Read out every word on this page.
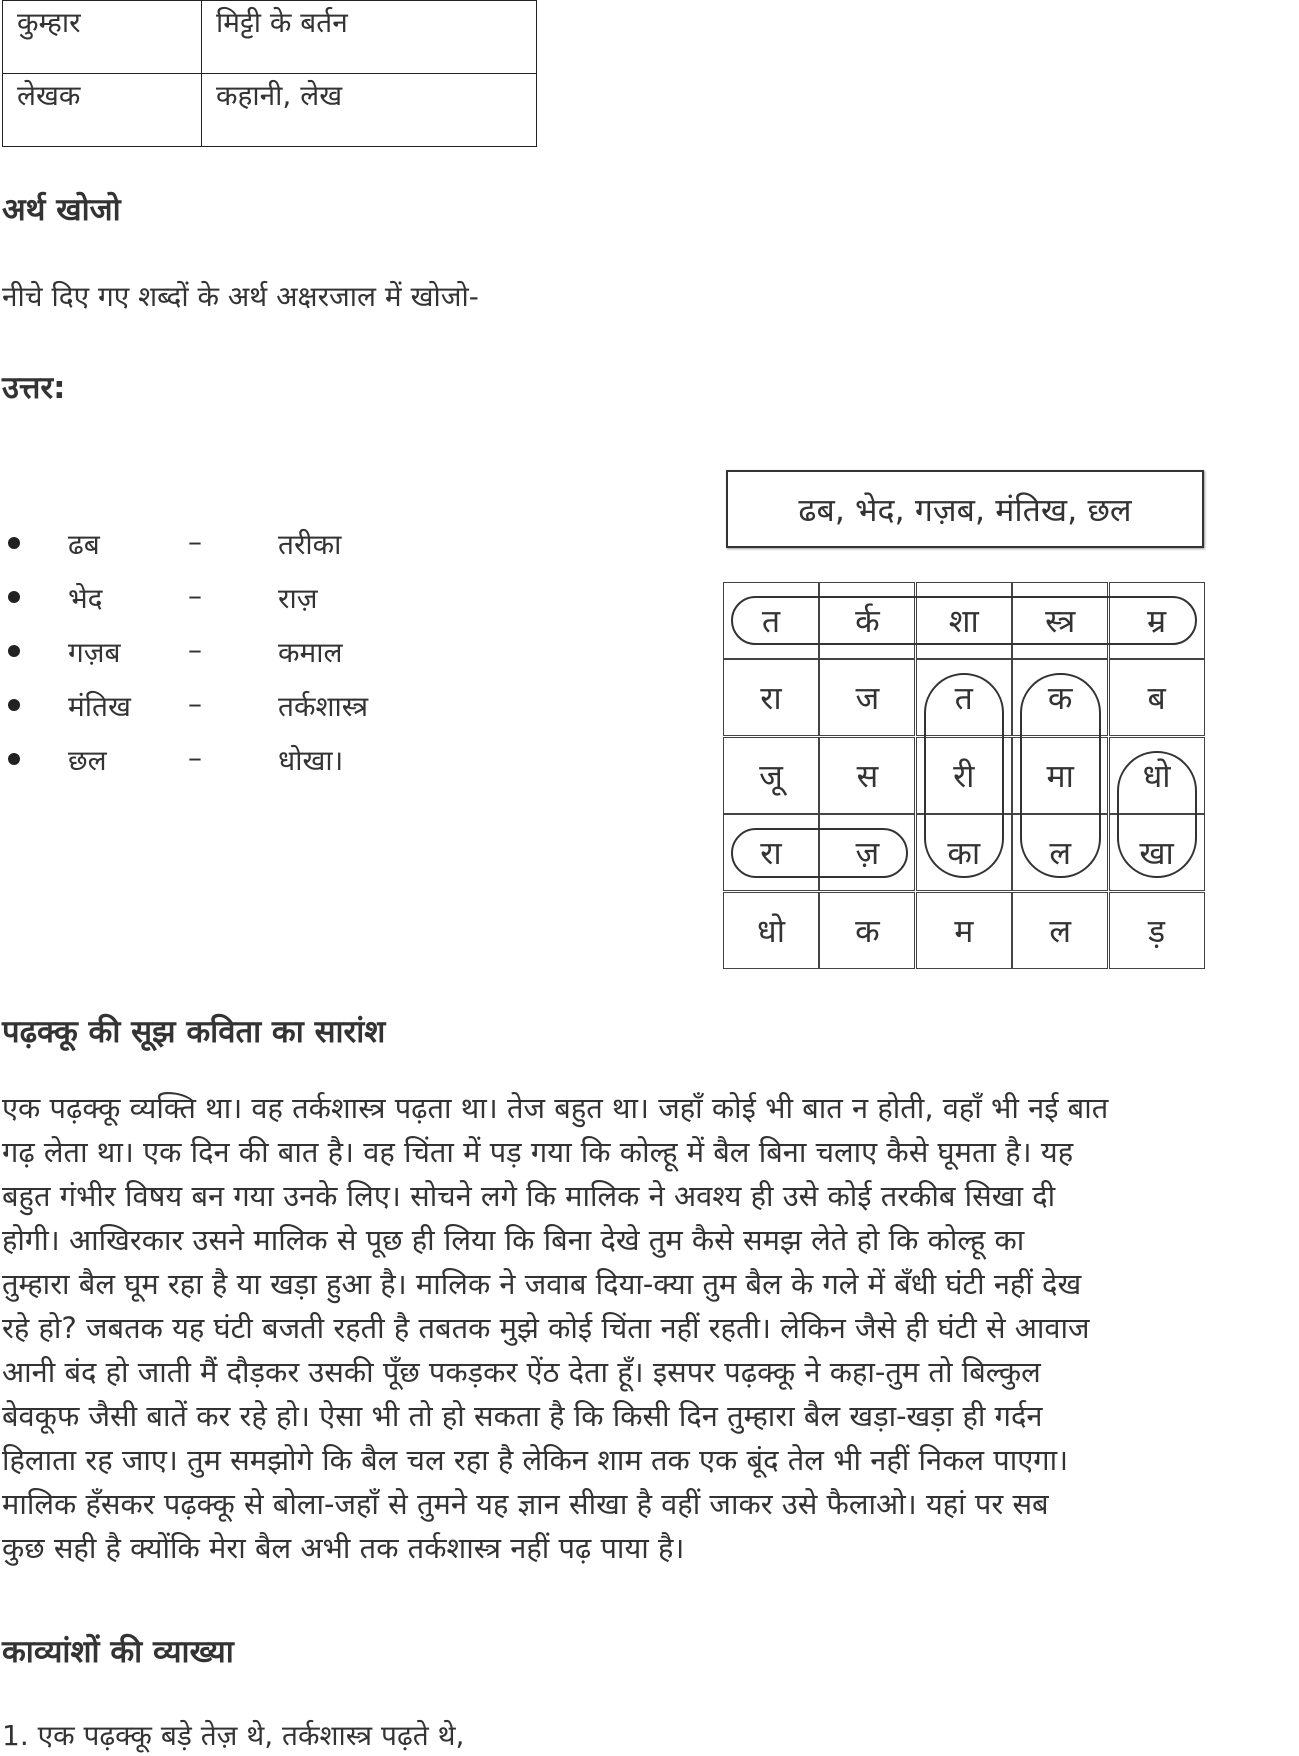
कुम्हार	मिट्टी के बर्तन
लेखक	कहानी, लेख
अर्थ खोजो
नीचे दिए गए शब्दों के अर्थ अक्षरजाल में खोजो-
उत्तर:
ढब	–	तरीका
भेद	–	राज़
गज़ब –	कमाल
मंतिख –	तर्कशास्त्र
छल	–	धोखा।
ढब, भेद, गज़ब, मंतिख, छल
त	र्क	शा	स्त्र	म्र
रा	ज	त	क	ब
जू	स	री	मा	धो
रा	ज़	का	ल	खा
धो	क	म	ल	ड़
पढ़क्कू की सूझ कविता का सारांश
एक पढ़क्कू व्यक्ति था। वह तर्कशास्त्र पढ़ता था। तेज बहुत था। जहाँ कोई भी बात न होती, वहाँ भी नई बात
गढ़ लेता था। एक दिन की बात है। वह चिंता में पड़ गया कि कोल्हू में बैल बिना चलाए कैसे घूमता है। यह
बहुत गंभीर विषय बन गया उनके लिए। सोचने लगे कि मालिक ने अवश्य ही उसे कोई तरकीब सिखा दी
होगी। आखिरकार उसने मालिक से पूछ ही लिया कि बिना देखे तुम कैसे समझ लेते हो कि कोल्हू का
तुम्हारा बैल घूम रहा है या खड़ा हुआ है। मालिक ने जवाब दिया-क्या तुम बैल के गले में बँधी घंटी नहीं देख
रहे हो? जबतक यह घंटी बजती रहती है तबतक मुझे कोई चिंता नहीं रहती। लेकिन जैसे ही घंटी से आवाज
आनी बंद हो जाती मैं दौड़कर उसकी पूँछ पकड़कर ऐंठ देता हूँ। इसपर पढ़क्कू ने कहा-तुम तो बिल्कुल
बेवकूफ जैसी बातें कर रहे हो। ऐसा भी तो हो सकता है कि किसी दिन तुम्हारा बैल खड़ा-खड़ा ही गर्दन
हिलाता रह जाए। तुम समझोगे कि बैल चल रहा है लेकिन शाम तक एक बूंद तेल भी नहीं निकल पाएगा।
मालिक हँसकर पढ़क्कू से बोला-जहाँ से तुमने यह ज्ञान सीखा है वहीं जाकर उसे फैलाओ। यहां पर सब
कुछ सही है क्योंकि मेरा बैल अभी तक तर्कशास्त्र नहीं पढ़ पाया है।
काव्यांशों की व्याख्या
1. एक पढ़क्कू बड़े तेज़ थे, तर्कशास्त्र पढ़ते थे,
